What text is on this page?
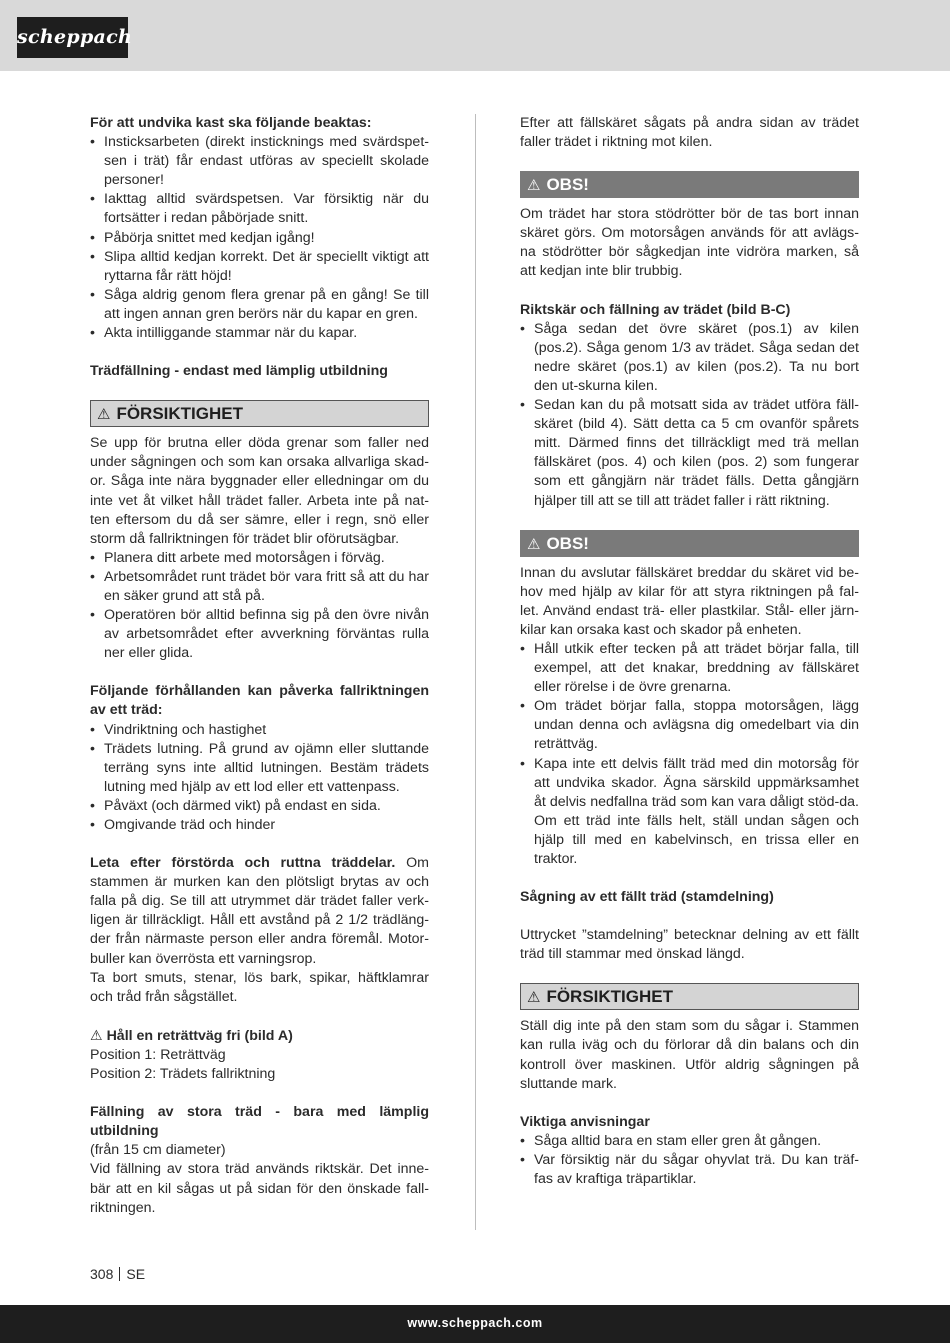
scheppach

För att undvika kast ska följande beaktas:

• Insticksarbeten (direkt insticknings med svärdspet-sen i trät) får endast utföras av speciellt skolade personer!
• Iakttag alltid svärdspetsen. Var försiktig när du fortsätter i redan påbörjade snitt.
• Påbörja snittet med kedjan igång!
• Slipa alltid kedjan korrekt. Det är speciellt viktigt att ryttarna får rätt höjd!
• Såga aldrig genom flera grenar på en gång! Se till att ingen annan gren berörs när du kapar en gren.
• Akta intilliggande stammar när du kapar.

Trädfällning - endast med lämplig utbildning

⚠ FÖRSIKTIGHET

Se upp för brutna eller döda grenar som faller ned under sågningen och som kan orsaka allvarliga skad-or. Såga inte nära byggnader eller elledningar om du inte vet åt vilket håll trädet faller. Arbeta inte på nat-ten eftersom du då ser sämre, eller i regn, snö eller storm då fallriktningen för trädet blir oförutsägbar.

• Planera ditt arbete med motorsågen i förväg.
• Arbetsområdet runt trädet bör vara fritt så att du har en säker grund att stå på.
• Operatören bör alltid befinna sig på den övre nivån av arbetsområdet efter avverkning förväntas rulla ner eller glida.

Följande förhållanden kan påverka fallriktningen av ett träd:

• Vindriktning och hastighet
• Trädets lutning. På grund av ojämn eller sluttande terräng syns inte alltid lutningen. Bestäm trädets lutning med hjälp av ett lod eller ett vattenpass.
• Påväxt (och därmed vikt) på endast en sida.
• Omgivande träd och hinder

Leta efter förstörda och ruttna träddelar. Om stammen är murken kan den plötsligt brytas av och falla på dig. Se till att utrymmet där trädet faller verk-ligen är tillräckligt. Håll ett avstånd på 2 1/2 trädläng-der från närmaste person eller andra föremål. Motor-buller kan överrösta ett varningsrop.

Ta bort smuts, stenar, lös bark, spikar, häftklamrar och tråd från sågstället.

⚠ Håll en reträttväg fri (bild A)

Position 1: Reträttväg

Position 2: Trädets fallriktning

Fällning av stora träd - bara med lämplig utbildning

(från 15 cm diameter)

Vid fällning av stora träd används riktskär. Det inne-bär att en kil sågas ut på sidan för den önskade fall-riktningen.

Efter att fällskäret sågats på andra sidan av trädet faller trädet i riktning mot kilen.

⚠ OBS!

Om trädet har stora stödrötter bör de tas bort innan skäret görs. Om motorsågen används för att avlägs-na stödrötter bör sågkedjan inte vidröra marken, så att kedjan inte blir trubbig.

Riktskär och fällning av trädet (bild B-C)

• Såga sedan det övre skäret (pos.1) av kilen (pos.2). Såga genom 1/3 av trädet. Såga sedan det nedre skäret (pos.1) av kilen (pos.2). Ta nu bort den ut-skurna kilen.
• Sedan kan du på motsatt sida av trädet utföra fäll-skäret (bild 4). Sätt detta ca 5 cm ovanför spårets mitt. Därmed finns det tillräckligt med trä mellan fällskäret (pos. 4) och kilen (pos. 2) som fungerar som ett gångjärn när trädet fälls. Detta gångjärn hjälper till att se till att trädet faller i rätt riktning.
⚠ OBS!

Innan du avslutar fällskäret breddar du skäret vid be-hov med hjälp av kilar för att styra riktningen på fal-let. Använd endast trä- eller plastkilar. Stål- eller järn-kilar kan orsaka kast och skador på enheten.

• Håll utkik efter tecken på att trädet börjar falla, till exempel, att det knakar, breddning av fällskäret eller rörelse i de övre grenarna.
• Om trädet börjar falla, stoppa motorsågen, lägg undan denna och avlägsna dig omedelbart via din reträttväg.
• Kapa inte ett delvis fällt träd med din motorsåg för att undvika skador. Ägna särskild uppmärksamhet åt delvis nedfallna träd som kan vara dåligt stöd-da. Om ett träd inte fälls helt, ställ undan sågen och hjälp till med en kabelvinsch, en trissa eller en traktor.

Sågning av ett fällt träd (stamdelning)

Uttrycket ”stamdelning” betecknar delning av ett fällt träd till stammar med önskad längd.

⚠ FÖRSIKTIGHET

Ställ dig inte på den stam som du sågar i. Stammen kan rulla iväg och du förlorar då din balans och din kontroll över maskinen. Utför aldrig sågningen på sluttande mark.

Viktiga anvisningar

• Såga alltid bara en stam eller gren åt gången.
• Var försiktig när du sågar ohyvlat trä. Du kan träf-fas av kraftiga träpartiklar.
308 SE
www.scheppach.com
